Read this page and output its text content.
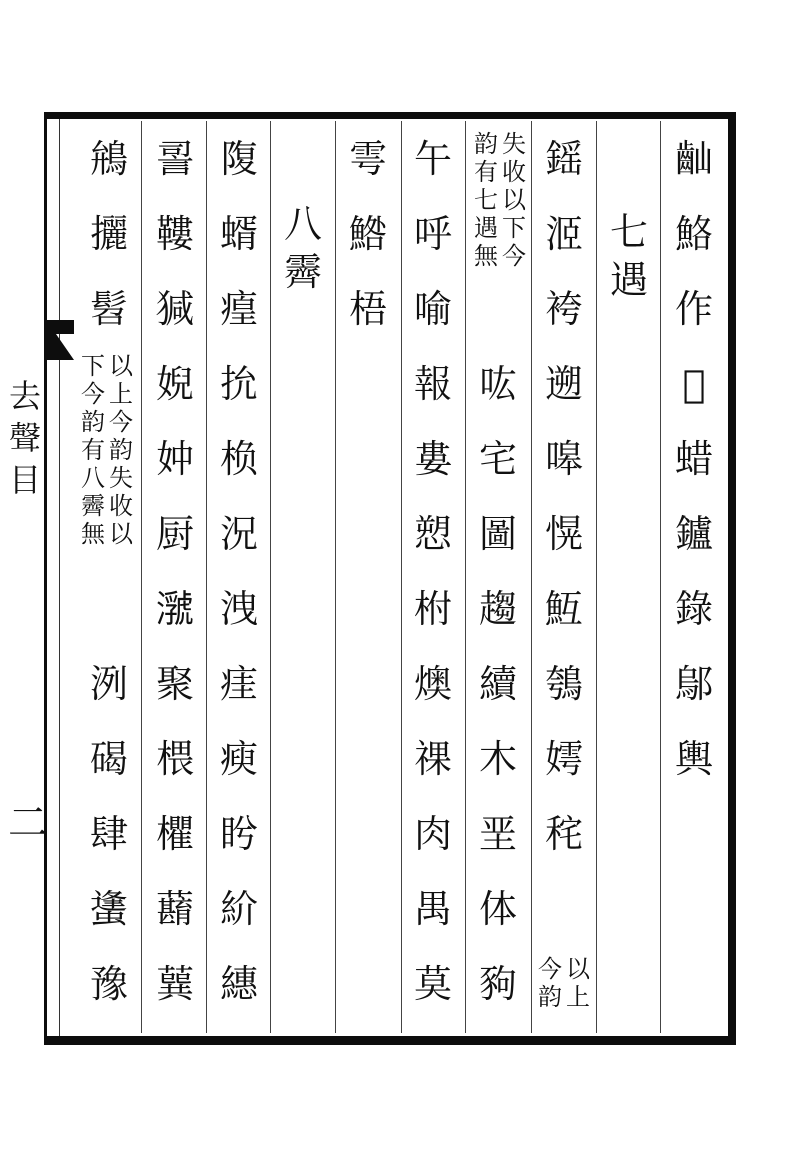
𪗘
鮥
作
𦟩
蜡
鑪
錄
鄔
輿
七
遇
以
上
今
韵
鎐
洍
袴
遡
嗥
愰
魱
鴮
嫮
秺
失
收
以
下
今
韵
有
七
遇
無
吰
宅
圖
趨
續
木
垩
体
豞
午
呼
喻
報
婁
愬
柎
燠
祼
肉
禺
莫
雩
鯦
梧
八
霽
䧗
蝑
㾮
抁
㭥
況
洩
㾏
瘐
盻
紒
繐
䛐
鞻
㺂
婗
妕
厨
𤂆
聚
椳
欋
蘛
𦺈
鴘
攦
髫
以
上
今
韵
失
收
以
下
今
韵
有
八
霽
無
洌
碣
肆
䗬
豫
去
聲
目
二
